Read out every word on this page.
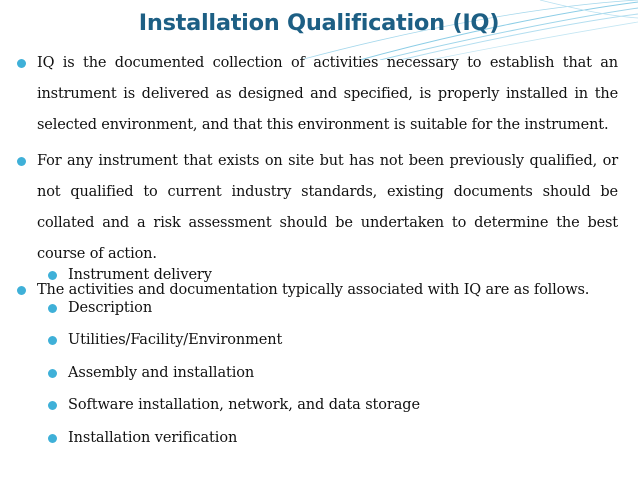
Installation Qualification (IQ)
IQ is the documented collection of activities necessary to establish that an instrument is delivered as designed and specified, is properly installed in the selected environment, and that this environment is suitable for the instrument.
For any instrument that exists on site but has not been previously qualified, or not qualified to current industry standards, existing documents should be collated and a risk assessment should be undertaken to determine the best course of action.
The activities and documentation typically associated with IQ are as follows.
Instrument delivery
Description
Utilities/Facility/Environment
Assembly and installation
Software installation, network, and data storage
Installation verification
